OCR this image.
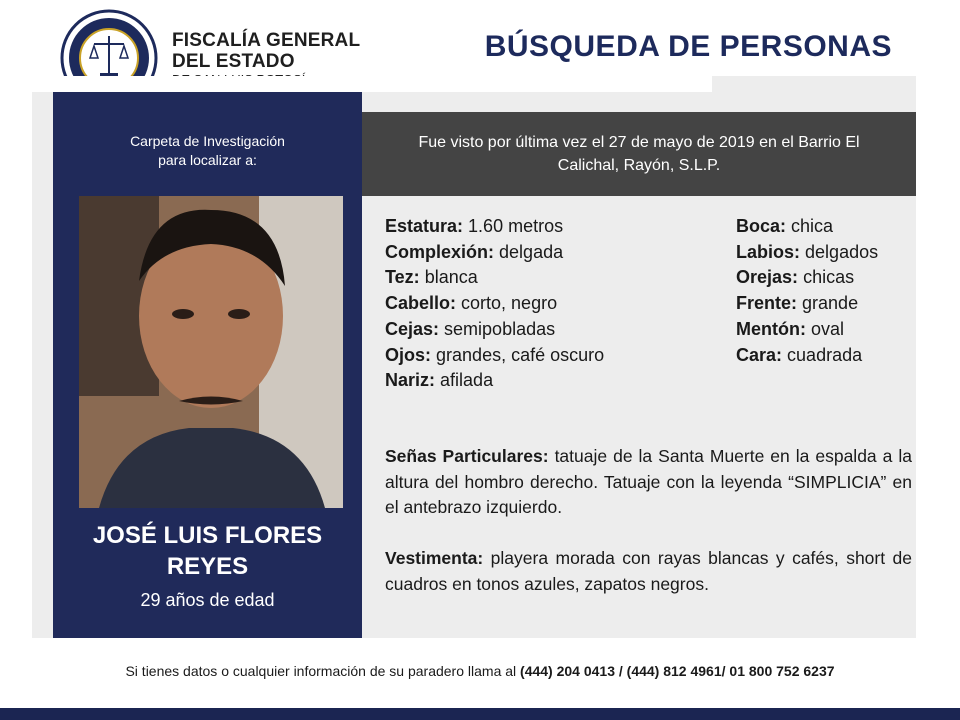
FISCALÍA GENERAL
DEL ESTADO	BÚSQUEDA DE PERSONAS
Carpeta de Investigación
para localizar a:
JOSÉ LUIS FLORES
REYES
29 años de edad
Fue visto por última vez el 27 de mayo de 2019 en el Barrio El Calichal, Rayón, S.L.P.
Estatura: 1.60 metros
Complexión: delgada
Tez: blanca
Cabello: corto, negro
Cejas: semipobladas
Ojos: grandes, café oscuro
Nariz: afilada
Boca: chica
Labios: delgados
Orejas: chicas
Frente: grande
Mentón: oval
Cara: cuadrada
Señas Particulares: tatuaje de la Santa Muerte en la espalda a la altura del hombro derecho. Tatuaje con la leyenda “SIMPLICIA” en el antebrazo izquierdo.
Vestimenta: playera morada con rayas blancas y cafés, short de cuadros en tonos azules, zapatos negros.
Si tienes datos o cualquier información de su paradero llama al (444) 204 0413 / (444) 812 4961/ 01 800 752 6237
